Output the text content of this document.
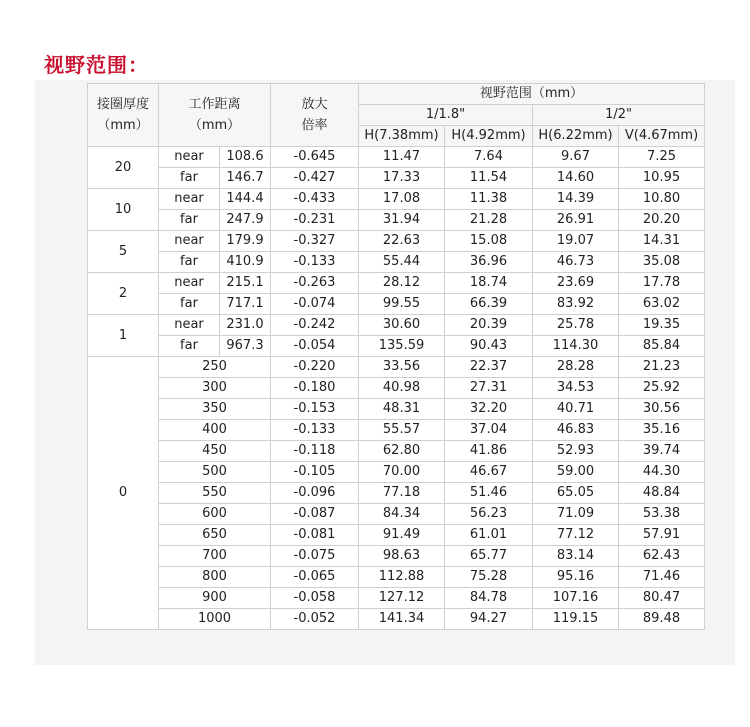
视野范围：
接圈厚度
（mm）	工作距离
（mm）		放大
倍率	视野范围（mm）			
				1/1.8"		1/2"	
				H(7.38mm)	H(4.92mm)	H(6.22mm)	V(4.67mm)
20	near	108.6	-0.645	11.47	7.64	9.67	7.25
	far	146.7	-0.427	17.33	11.54	14.60	10.95
10	near	144.4	-0.433	17.08	11.38	14.39	10.80
	far	247.9	-0.231	31.94	21.28	26.91	20.20
5	near	179.9	-0.327	22.63	15.08	19.07	14.31
	far	410.9	-0.133	55.44	36.96	46.73	35.08
2	near	215.1	-0.263	28.12	18.74	23.69	17.78
	far	717.1	-0.074	99.55	66.39	83.92	63.02
1	near	231.0	-0.242	30.60	20.39	25.78	19.35
	far	967.3	-0.054	135.59	90.43	114.30	85.84
0	250		-0.220	33.56	22.37	28.28	21.23
	300		-0.180	40.98	27.31	34.53	25.92
	350		-0.153	48.31	32.20	40.71	30.56
	400		-0.133	55.57	37.04	46.83	35.16
	450		-0.118	62.80	41.86	52.93	39.74
	500		-0.105	70.00	46.67	59.00	44.30
	550		-0.096	77.18	51.46	65.05	48.84
	600		-0.087	84.34	56.23	71.09	53.38
	650		-0.081	91.49	61.01	77.12	57.91
	700		-0.075	98.63	65.77	83.14	62.43
	800		-0.065	112.88	75.28	95.16	71.46
	900		-0.058	127.12	84.78	107.16	80.47
	1000		-0.052	141.34	94.27	119.15	89.48
